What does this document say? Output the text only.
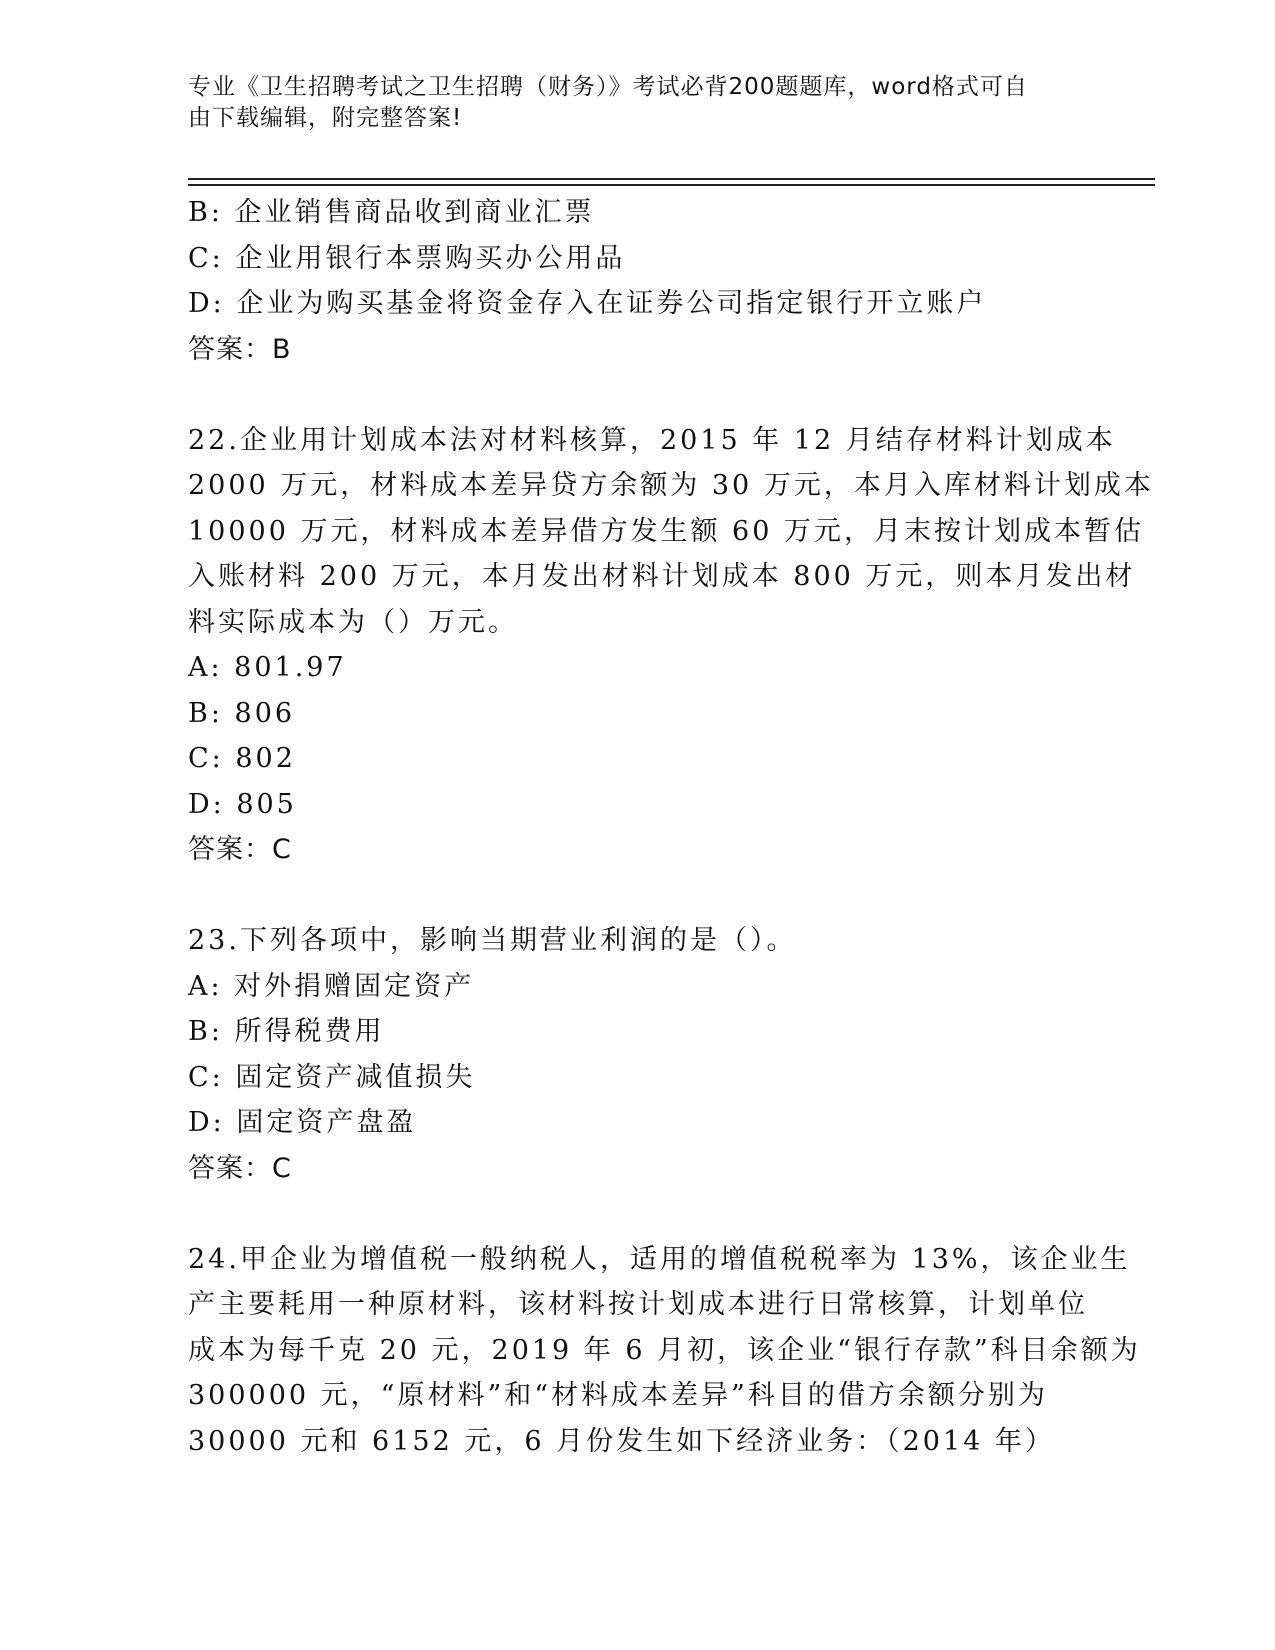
专业《卫生招聘考试之卫生招聘（财务）》考试必背200题题库，word格式可自
由下载编辑，附完整答案!
B: 企业销售商品收到商业汇票
C: 企业用银行本票购买办公用品
D: 企业为购买基金将资金存入在证券公司指定银行开立账户
答案：B
22.企业用计划成本法对材料核算，2015 年 12 月结存材料计划成本
2000 万元，材料成本差异贷方余额为 30 万元，本月入库材料计划成本
10000 万元，材料成本差异借方发生额 60 万元，月末按计划成本暂估
入账材料 200 万元，本月发出材料计划成本 800 万元，则本月发出材
料实际成本为（）万元。
A: 801.97
B: 806
C: 802
D: 805
答案：C
23.下列各项中，影响当期营业利润的是（）。
A: 对外捐赠固定资产
B: 所得税费用
C: 固定资产减值损失
D: 固定资产盘盈
答案：C
24.甲企业为增值税一般纳税人，适用的增值税税率为 13%，该企业生
产主要耗用一种原材料，该材料按计划成本进行日常核算，计划单位
成本为每千克 20 元，2019 年 6 月初，该企业“银行存款”科目余额为
300000 元，“原材料”和“材料成本差异”科目的借方余额分别为
30000 元和 6152 元，6 月份发生如下经济业务：（2014 年）
